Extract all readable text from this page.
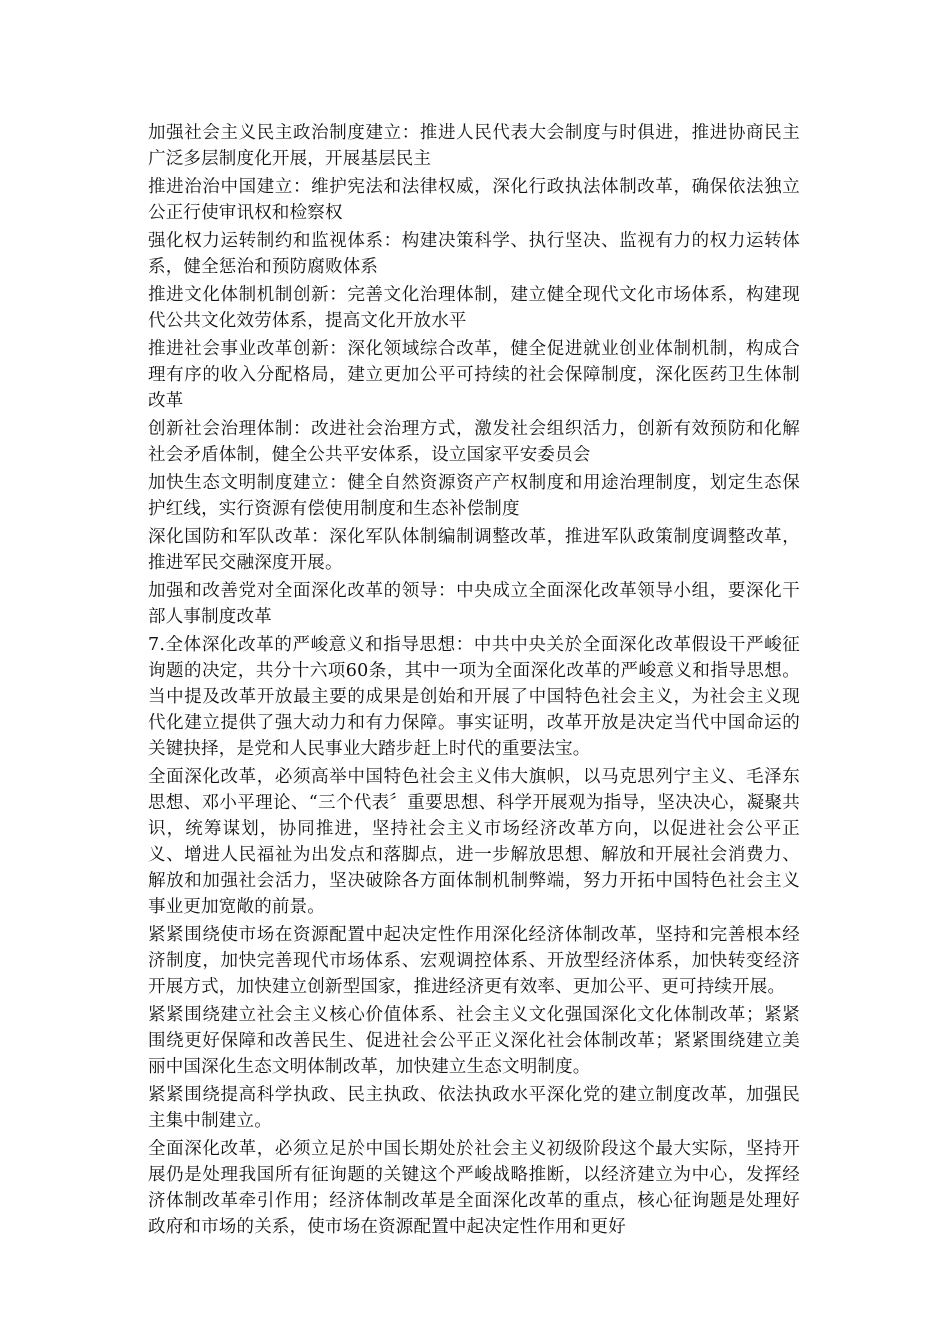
加强社会主义民主政治制度建立：推进人民代表大会制度与时俱进，推进协商民主广泛多层制度化开展，开展基层民主

推进治治中国建立：维护宪法和法律权威，深化行政执法体制改革，确保依法独立公正行使审讯权和检察权

强化权力运转制约和监视体系：构建决策科学、执行坚决、监视有力的权力运转体系，健全惩治和预防腐败体系

推进文化体制机制创新：完善文化治理体制，建立健全现代文化市场体系，构建现代公共文化效劳体系，提高文化开放水平

推进社会事业改革创新：深化领域综合改革，健全促进就业创业体制机制，构成合理有序的收入分配格局，建立更加公平可持续的社会保障制度，深化医药卫生体制改革

创新社会治理体制：改进社会治理方式，激发社会组织活力，创新有效预防和化解社会矛盾体制，健全公共平安体系，设立国家平安委员会

加快生态文明制度建立：健全自然资源资产产权制度和用途治理制度，划定生态保护红线，实行资源有偿使用制度和生态补偿制度

深化国防和军队改革：深化军队体制编制调整改革，推进军队政策制度调整改革，推进军民交融深度开展。

加强和改善党对全面深化改革的领导：中央成立全面深化改革领导小组，要深化干部人事制度改革

7.全体深化改革的严峻意义和指导思想：中共中央关於全面深化改革假设干严峻征询题的决定，共分十六项60条，其中一项为全面深化改革的严峻意义和指导思想。当中提及改革开放最主要的成果是创始和开展了中国特色社会主义，为社会主义现代化建立提供了强大动力和有力保障。事实证明，改革开放是决定当代中国命运的关键抉择，是党和人民事业大踏步赶上时代的重要法宝。

全面深化改革，必须高举中国特色社会主义伟大旗帜，以马克思列宁主义、毛泽东思想、邓小平理论、“三个代表〞重要思想、科学开展观为指导，坚决决心，凝聚共识，统筹谋划，协同推进，坚持社会主义市场经济改革方向，以促进社会公平正义、增进人民福祉为出发点和落脚点，进一步解放思想、解放和开展社会消费力、解放和加强社会活力，坚决破除各方面体制机制弊端，努力开拓中国特色社会主义事业更加宽敞的前景。

紧紧围绕使市场在资源配置中起决定性作用深化经济体制改革，坚持和完善根本经济制度，加快完善现代市场体系、宏观调控体系、开放型经济体系，加快转变经济开展方式，加快建立创新型国家，推进经济更有效率、更加公平、更可持续开展。

紧紧围绕建立社会主义核心价值体系、社会主义文化强国深化文化体制改革；紧紧围绕更好保障和改善民生、促进社会公平正义深化社会体制改革；紧紧围绕建立美丽中国深化生态文明体制改革，加快建立生态文明制度。

紧紧围绕提高科学执政、民主执政、依法执政水平深化党的建立制度改革，加强民主集中制建立。

全面深化改革，必须立足於中国长期处於社会主义初级阶段这个最大实际，坚持开展仍是处理我国所有征询题的关键这个严峻战略推断，以经济建立为中心，发挥经济体制改革牵引作用；经济体制改革是全面深化改革的重点，核心征询题是处理好政府和市场的关系，使市场在资源配置中起决定性作用和更好
